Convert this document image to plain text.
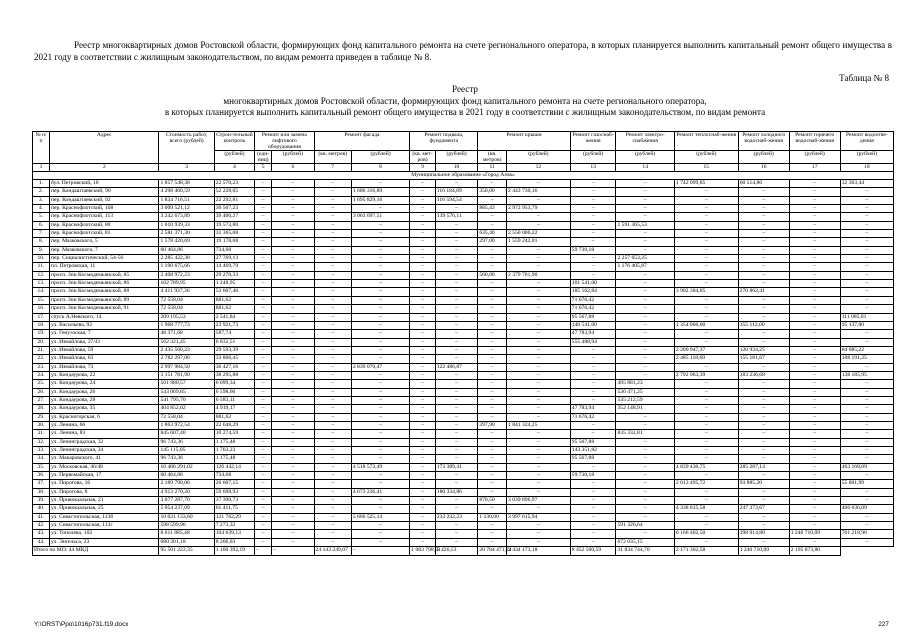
Реестр многоквартирных домов Ростовской области, формирующих фонд капитального ремонта на счете регионального оператора, в которых планируется выполнить капитальный ремонт общего имущества в 2021 году в соответствии с жилищным законодательством, по видам ремонта приведен в таблице № 8.
Таблица № 8
Реестр
многоквартирных домов Ростовской области, формирующих фонд капитального ремонта на счете регионального оператора,
в которых планируется выполнить капитальный ремонт общего имущества в 2021 году в соответствии с жилищным законодательством, по видам ремонта
№ п/п	Адрес	Стоимость работ, всего (рублей)	Строи-тельный контроль	Ремонт или замена лифтового оборудования		Ремонт фасада		Ремонт подвала, фундамента		Ремонт крыши		Ремонт газоснаб-жения	Ремонт электро-снабжения	Ремонт теплоснаб-жения	Ремонт холодного водоснаб-жения	Ремонт горячего водоснаб-жения	Ремонт водоотве-дения
			(рублей)	(еди-ниц)	(рублей)	(кв. метров)	(рублей)	(кв. мет-ров)	(рублей)	(кв. метров)	(рублей)	(рублей)	(рублей)	(рублей)	(рублей)	(рублей)	(рублей)
1	2	3	4	5	6	7	8	9	10	11	12	13	14	15	16	17	18
Муниципальное образование «Город Азов»																	
1.	бул. Петровский, 10	1 857 548,38	22 570,23	–	–	–	–	–	–	–	–	–	–	1 742 099,85	60 514,86	–	32 363,44
2.	пер. Кондаштаевский, 90	4 298 460,59	52 228,65	–	–	–	1 686 316,89	–	116 184,89	350,00	2 443 730,16	–	–	–	–	–	–
3.	пер. Кондаштаевский, 92	1 834 716,51	22 292,81	–	–	–	1 695 829,16	–	116 594,54	–	–	–	–	–	–	–	–
4.	пер. Краснофлотский, 108	3 009 521,12	36 567,23	–	–	–	–	–	–	885,43	2 972 953,79	–	–	–	–	–	–
5.	пер. Краснофлотский, 113	3 242 673,89	39 400,27	–	–	–	3 063 697,51	–	139 576,11	–	–	–	–	–	–	–	–
6.	пер. Краснофлотский, 80	1 610 939,33	19 573,80	–	–	–	–	–	–	–	–	–	1 591 365,53	–	–	–	–
7.	пер. Краснофлотский, 81	2 581 371,30	31 365,08	–	–	–	–	–	–	635,40	2 550 006,22	–	–	–	–	–	–
8.	пер. Мазковского, 5	1 578 420,69	19 178,68	–	–	–	–	–	–	297,00	1 559 242,01	–	–	–	–	–	–
9.	пер. Мазковского, 7	60 464,86	734,68	–	–	–	–	–	–	–	–	59 730,18	–	–	–	–	–
10.	пер. Социалистический, 54-56	2 285 422,38	27 769,13	–	–	–	–	–	–	–	–	–	2 257 653,25	–	–	–	–
11.	пл. Петровская, 11	1 190 675,66	14 469,79	–	–	–	–	–	–	–	–	–	1 176 405,87	–	–	–	–
12.	просп. Зои Космодемьянской, 85	2 408 972,23	29 270,33	–	–	–	–	–	–	560,00	2 379 701,90	–	–	–	–	–	–
13.	просп. Зои Космодемьянской, 86	102 789,95	1 248,95	–	–	–	–	–	–	–	–	101 541,00	–	–	–	–	–
14.	просп. Зои Космодемьянской, 88	4 411 937,36	53 607,46	–	–	–	–	–	–	–	–	185 162,84	–	3 902 304,85	270 862,41	–	–
15.	просп. Зои Космодемьянской, 89	72 558,04	881,62	–	–	–	–	–	–	–	–	71 676,42	–	–	–	–	–
16.	просп. Зои Космодемьянской, 91	72 558,04	881,62	–	–	–	–	–	–	–	–	71 676,42	–	–	–	–	–
17.	спуск А.Невского, 14	209 195,53	2 541,84	–	–	–	–	–	–	–	–	95 567,88	–	–	–	–	111 085,81
18.	ул. Васильева, 92	1 968 777,73	23 921,73	–	–	–	–	–	–	–	–	140 541,00	–	1 354 066,00	355 112,00	–	95 137,00
19.	ул. Генуэзская, 7	48 371,68	587,74	–	–	–	–	–	–	–	–	47 783,94	–	–	–	–	–
20.	ул. Измайлова, 37/41	562 321,45	6 832,51	–	–	–	–	–	–	–	–	555 488,94	–	–	–	–	–
21.	ул. Измайлова, 59	2 435 560,23	29 593,39	–	–	–	–	–	–	–	–	–	–	2 200 947,37	120 934,25	–	84 085,22
22.	ул. Измайлова, 63	2 782 297,06	33 806,45	–	–	–	–	–	–	–	–	–	–	2 485 118,69	155 181,67	–	108 191,25
23.	ул. Измайлова, 73	2 997 984,50	36 427,16	–	–	–	2 839 070,47	–	122 486,87	–	–	–	–	–	–	–	–
24.	ул. Кондаурова, 22	3 151 781,90	38 295,88	–	–	–	–	–	–	–	–	–	–	2 792 063,39	183 236,68	–	138 185,95
25.	ул. Кондаурова, 24	501 980,57	6 099,34	–	–	–	–	–	–	–	–	–	495 881,23	–	–	–	–
26.	ул. Кондаурова, 26	543 069,85	6 598,60	–	–	–	–	–	–	–	–	–	536 471,25	–	–	–	–
27.	ул. Кондаурова, 28	541 795,70	6 583,11	–	–	–	–	–	–	–	–	–	535 212,59	–	–	–	–
28.	ул. Кондаурова, 35	404 852,02	4 919,17	–	–	–	–	–	–	–	–	47 783,94	352 148,91	–	–	–	–
29.	ул. Красногорская, 6	72 558,04	881,62	–	–	–	–	–	–	–	–	71 676,42	–	–	–	–	–
30.	ул. Ленина, 66	1 863 972,54	22 648,29	–	–	–	–	–	–	397,90	1 841 324,25	–	–	–	–	–	–
31.	ул. Ленина, 83	845 607,40	10 274,59	–	–	–	–	–	–	–	–	–	835 332,81	–	–	–	–
32.	ул. Ленинградская, 32	96 743,36	1 175,48	–	–	–	–	–	–	–	–	95 567,88	–	–	–	–	–
33.	ул. Ленинградская, 34	145 115,05	1 763,23	–	–	–	–	–	–	–	–	143 351,82	–	–	–	–	–
34.	ул. Макаровского, 41	96 743,36	1 175,48	–	–	–	–	–	–	–	–	95 567,88	–	–	–	–	–
35.	ул. Московская, 46/48	10 406 291,02	126 442,14	–	–	–	4 518 573,49	–	173 389,41	–	–	–	–	4 839 430,75	285 287,14	–	463 168,09
36.	ул. Первомайская, 17	60 464,86	734,68	–	–	–	–	–	–	–	–	59 730,18	–	–	–	–	–
37.	ул. Пирогова, 16	2 189 790,06	26 607,15	–	–	–	–	–	–	–	–	–	–	2 013 495,72	93 885,20	–	55 801,99
38.	ул. Пирогова, 8	4 913 270,20	59 698,93	–	–	–	4 673 236,41	–	180 334,86	–	–	–	–	–	–	–	–
39.	ул. Привокзальная, 21	3 077 287,70	37 390,73	–	–	–	–	–	–	870,50	3 039 896,97	–	–	–	–	–	–
40.	ул. Привокзальная, 25	5 054 237,09	61 411,75	–	–	–	–	–	–	–	–	–	–	4 338 815,58	247 373,67	–	406 636,09
41.	ул. Севастопольская, 113б	10 021 133,60	121 762,29	–	–	–	5 666 525,14	–	233 232,23	1 230,00	3 997 615,94	–	–	–	–	–	–
42.	ул. Севастопольская, 113г	598 599,96	7 273,32	–	–	–	–	–	–	–	–	–	591 326,64	–	–	–	–
43.	ул. Тополева, 102	8 611 885,48	104 639,13	–	–	–	–	–	–	–	–	–	–	6 166 402,50	398 914,80	1 240 710,09	701 218,96
44.	ул. Энгельса, 23	680 301,18	8 266,03	–	–	–	–	–	–	–	–	–	672 035,15	–	–	–	–
Итого по МО: 44 МКД		95 501 222,35	1 160 392,19	–	–	24 143 249,07	–	1 083 798,91	5 426,53	20 784 471,24	2 434 173,18	8 452 500,59	31 834 744,70	2 171 302,58	1 240 710,09	2 195 873,80	
Y:\ORST\Ppo\1016p731.f19.docx	227
